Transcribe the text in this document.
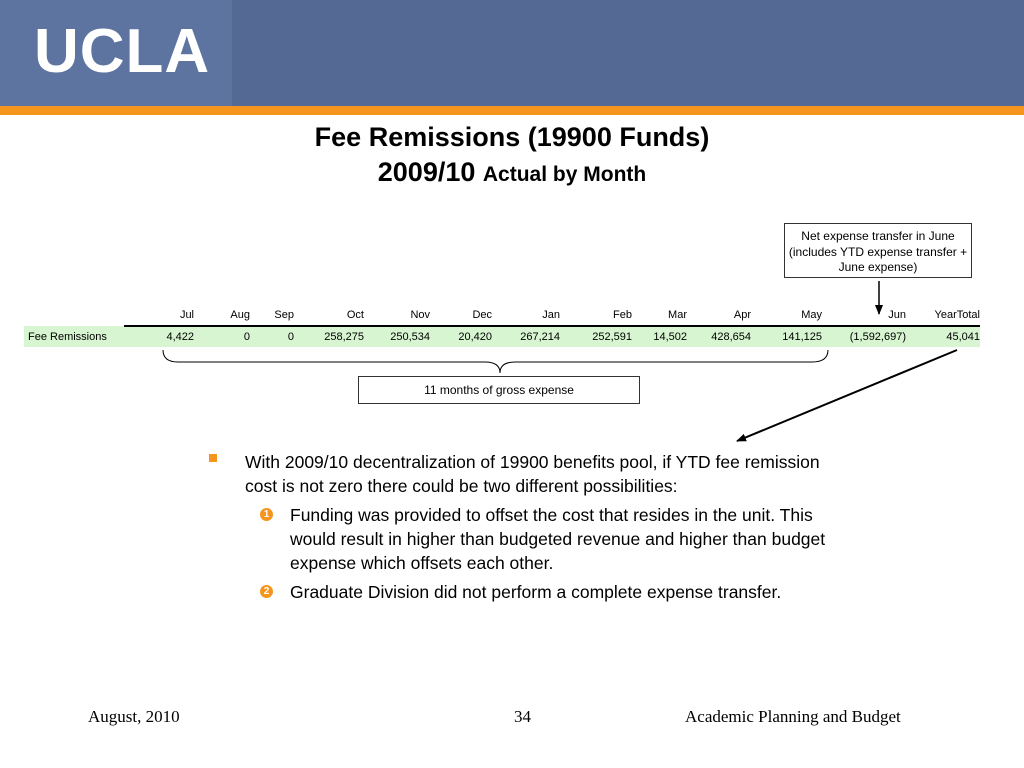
UCLA
Fee Remissions (19900 Funds)
2009/10 Actual by Month
Net expense transfer in June (includes YTD expense transfer + June expense)
	Jul	Aug	Sep	Oct	Nov	Dec	Jan	Feb	Mar	Apr	May	Jun	YearTotal
Fee Remissions	4,422	0	0	258,275	250,534	20,420	267,214	252,591	14,502	428,654	141,125	(1,592,697)	45,041
11 months of gross expense
With 2009/10 decentralization of 19900 benefits pool, if YTD fee remission cost is not zero there could be two different possibilities:
1 Funding was provided to offset the cost that resides in the unit. This would result in higher than budgeted revenue and higher than budget expense which offsets each other.
2 Graduate Division did not perform a complete expense transfer.
August, 2010	34	Academic Planning and Budget
